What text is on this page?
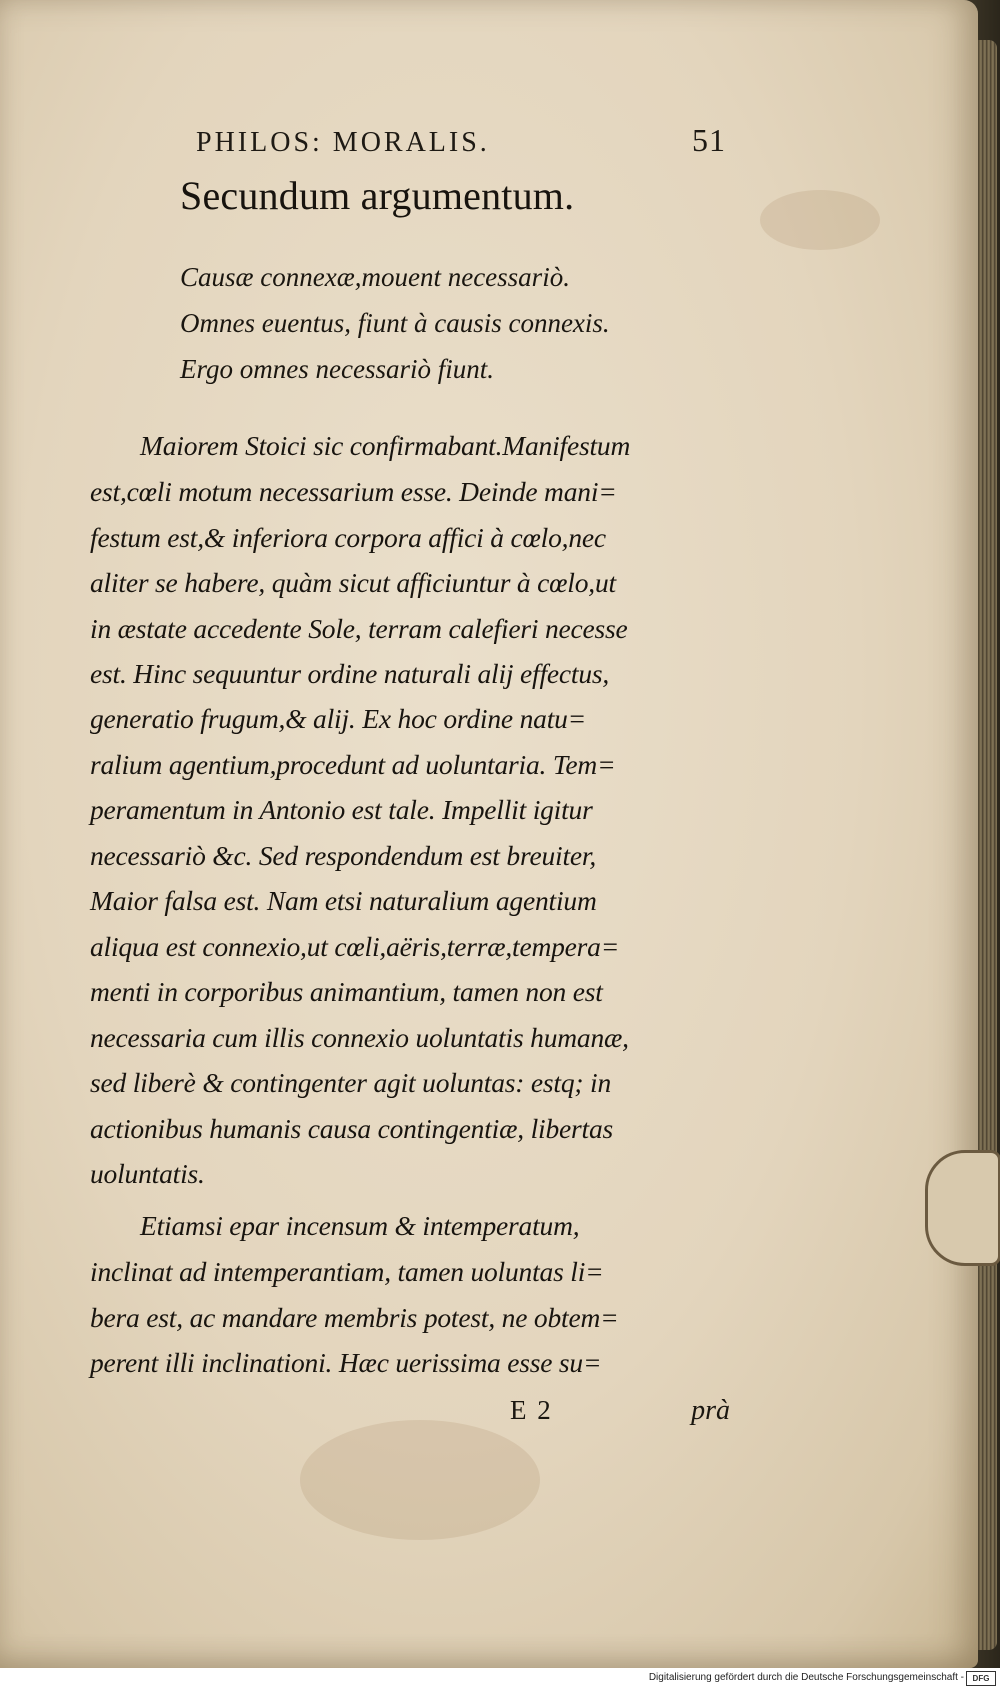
PHILOS: MORALIS.	51
Secundum argumentum.
Causæ connexæ,mouent necessariò.
Omnes euentus, fiunt à causis connexis.
Ergo omnes necessariò fiunt.
Maiorem Stoici sic confirmabant.Manifestum
est,cœli motum necessarium esse. Deinde mani=
festum est,& inferiora corpora affici à cœlo,nec
aliter se habere, quàm sicut afficiuntur à cœlo,ut
in æstate accedente Sole, terram calefieri necesse
est. Hinc sequuntur ordine naturali alij effectus,
generatio frugum,& alij. Ex hoc ordine natu=
ralium agentium,procedunt ad uoluntaria. Tem=
peramentum in Antonio est tale. Impellit igitur
necessariò &c. Sed respondendum est breuiter,
Maior falsa est. Nam etsi naturalium agentium
aliqua est connexio,ut cœli,aëris,terræ,tempera=
menti in corporibus animantium, tamen non est
necessaria cum illis connexio uoluntatis humanæ,
sed liberè & contingenter agit uoluntas: estq; in
actionibus humanis causa contingentiæ, libertas
uoluntatis.
Etiamsi epar incensum & intemperatum,
inclinat ad intemperantiam, tamen uoluntas li=
bera est, ac mandare membris potest, ne obtem=
perent illi inclinationi. Hæc uerissima esse su=
E 2	prà
Digitalisierung gefördert durch die Deutsche Forschungsgemeinschaft -	DFG
